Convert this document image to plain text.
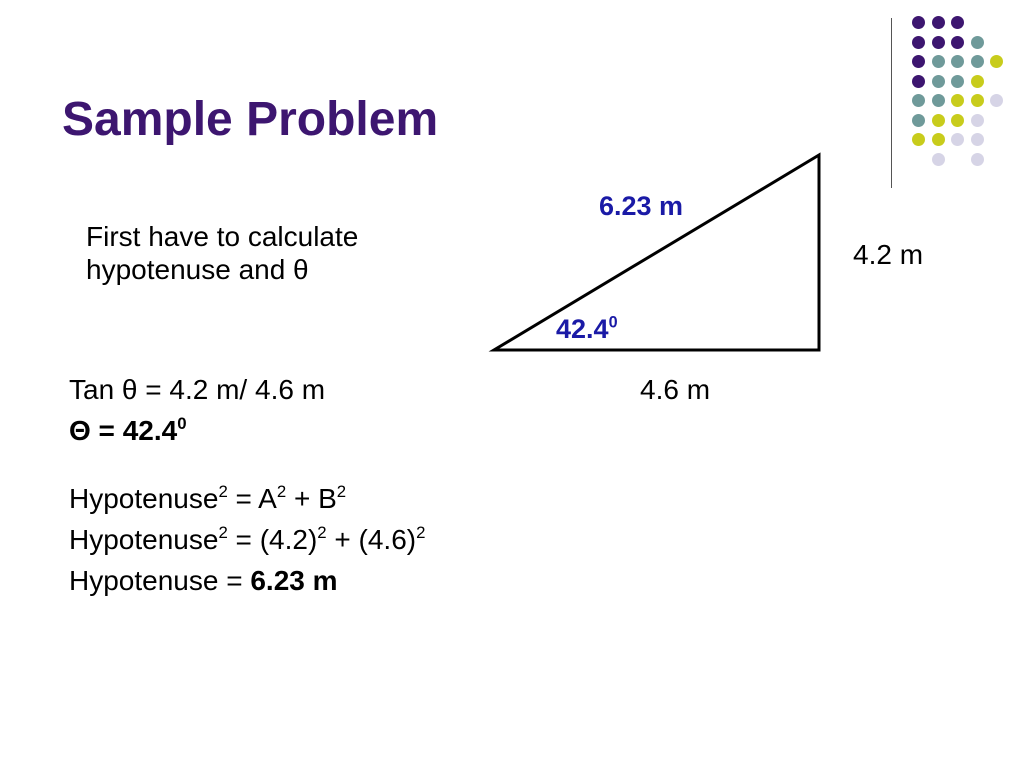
Sample Problem
First have to calculate
hypotenuse and θ
6.23 m
4.2 m
4.6 m
42.4$^0$
Tan θ = 4.2 m/ 4.6 m
$\Theta = 42.4^0$
Hypotenuse$^2$ = $A^2 + B^2$
Hypotenuse$^2$ = $(4.2)^2 + (4.6)^2$
Hypotenuse = 6.23 m
